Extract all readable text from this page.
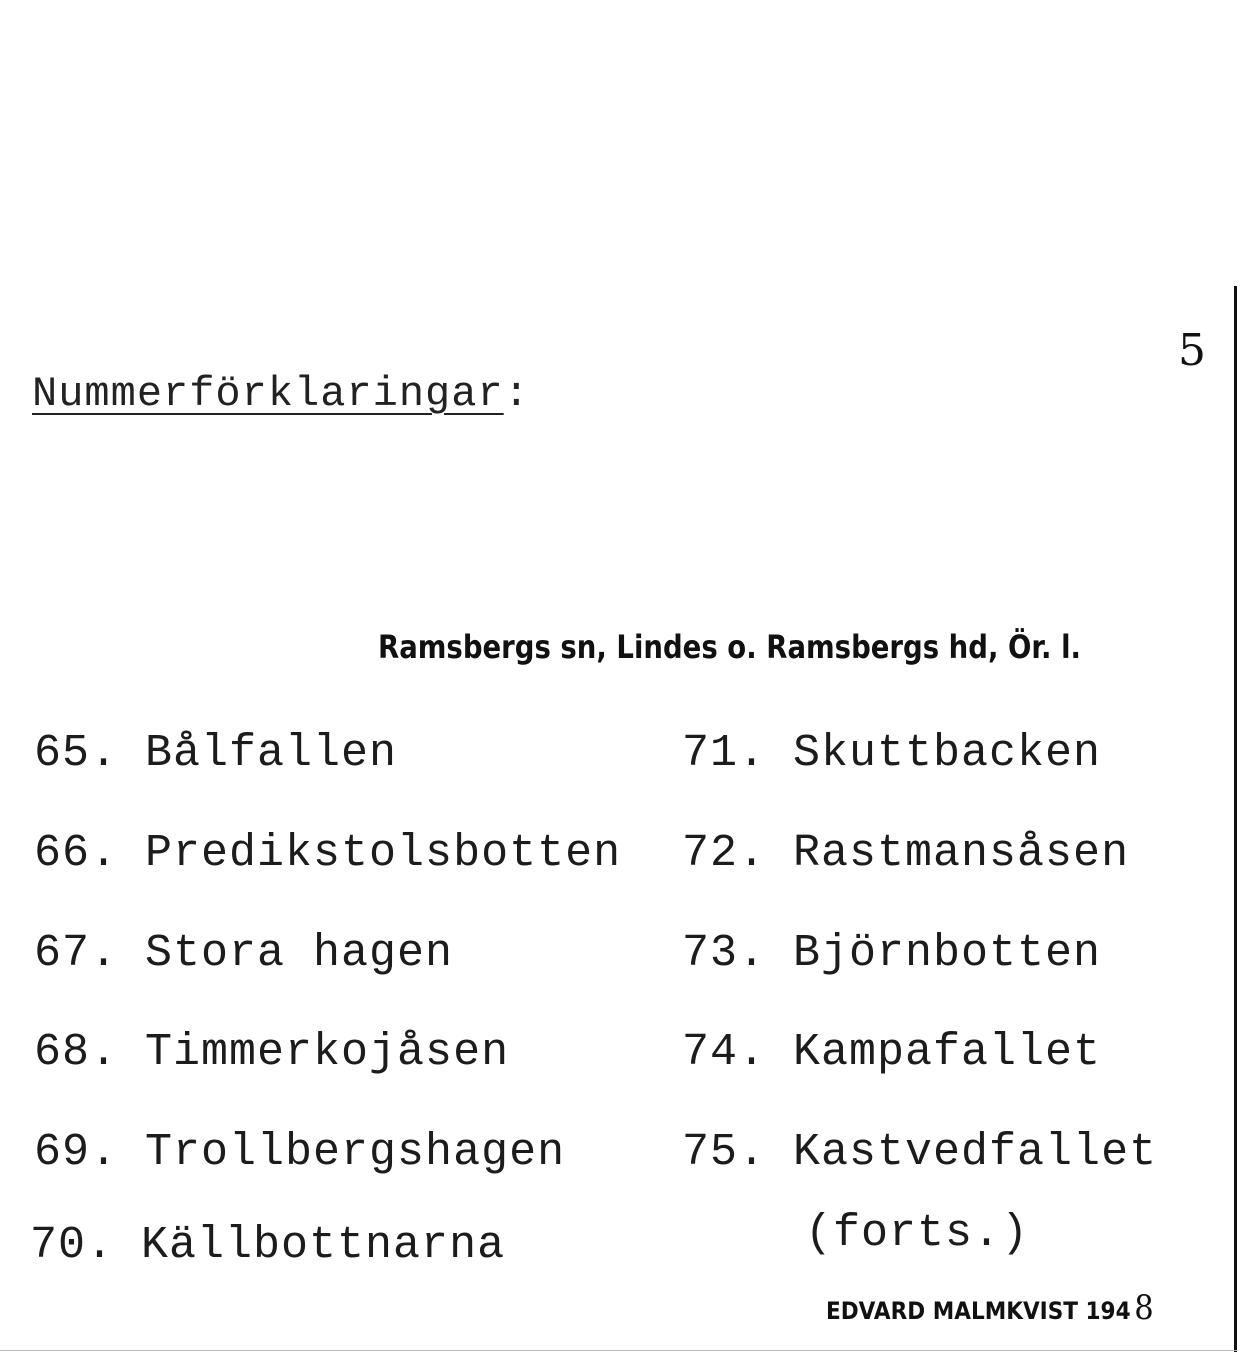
5
Nummerförklaringar:
Ramsbergs sn, Lindes o. Ramsbergs hd, Ör. l.
65. Bålfallen
66. Predikstolsbotten
67. Stora hagen
68. Timmerkojåsen
69. Trollbergshagen
70. Källbottnarna
71. Skuttbacken
72. Rastmansåsen
73. Björnbotten
74. Kampafallet
75. Kastvedfallet
(forts.)
EDVARD MALMKVIST 194 8
